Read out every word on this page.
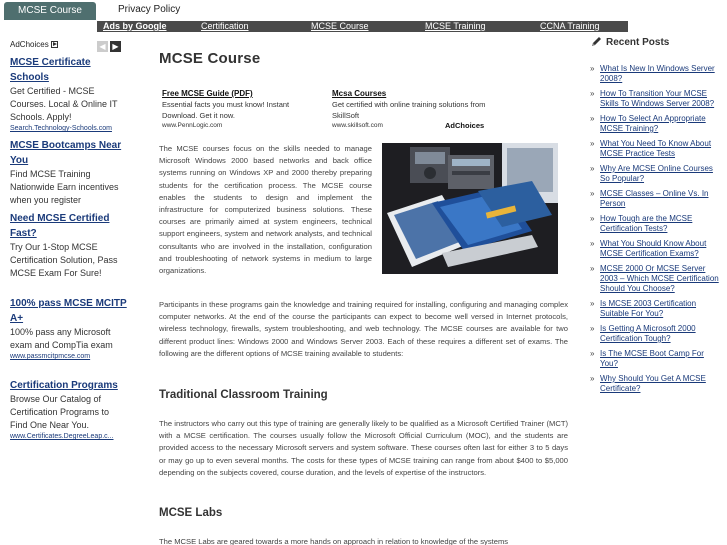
MCSE Course	Privacy Policy
Ads by Google	Certification	MCSE Course	MCSE Training	CCNA Training
AdChoices
MCSE Certificate Schools
Get Certified - MCSE Courses. Local & Online IT Schools. Apply!
Search.Technology-Schools.com
MCSE Bootcamps Near You
Find MCSE Training Nationwide Earn incentives when you register
Need MCSE Certified Fast?
Try Our 1-Stop MCSE Certification Solution, Pass MCSE Exam For Sure!
100% pass MCSE MCITP A+
100% pass any Microsoft exam and CompTia exam
www.passmcitpmcse.com
Certification Programs
Browse Our Catalog of Certification Programs to Find One Near You.
www.Certificates.DegreeLeap.c...
◀ ▶
MCSE Course
Free MCSE Guide (PDF)
Essential facts you must know! Instant Download. Get it now.
www.PennLogic.com
Mcsa Courses
Get certified with online training solutions from SkillSoft
www.skillsoft.com	AdChoices

The MCSE courses focus on the skills needed to manage Microsoft Windows 2000 based networks and back office systems running on Windows XP and 2000 thereby preparing students for the certification process. The MCSE course enables the students to design and implement the infrastructure for computerized business solutions. These courses are primarily aimed at system engineers, technical support engineers, system and network analysts, and technical consultants who are involved in the installation, configuration and troubleshooting of network systems in medium to large organizations.

Participants in these programs gain the knowledge and training required for installing, configuring and managing complex computer networks. At the end of the course the participants can expect to become well versed in Internet protocols, wireless technology, firewalls, system troubleshooting, and web technology. The MCSE courses are available for two different product lines: Windows 2000 and Windows Server 2003. Each of these requires a different set of exams. The following are the different options of MCSE training available to students:

Traditional Classroom Training

The instructors who carry out this type of training are generally likely to be qualified as a Microsoft Certified Trainer (MCT) with a MCSE certification. The courses usually follow the Microsoft Official Curriculum (MOC), and the students are provided access to the necessary Microsoft servers and system software. These courses often last for either 3 to 5 days or may go up to even several months. The costs for these types of MCSE training can range from about $400 to $5,000 depending on the subjects covered, course duration, and the levels of expertise of the instructors.

MCSE Labs

The MCSE Labs are geared towards a more hands on approach in relation to knowledge of the systems

Recent Posts
» What Is New In Windows Server 2008?
» How To Transition Your MCSE Skills To Windows Server 2008?
» How To Select An Appropriate MCSE Training?
» What You Need To Know About MCSE Practice Tests
» Why Are MCSE Online Courses So Popular?
» MCSE Classes – Online Vs. In Person
» How Tough are the MCSE Certification Tests?
» What You Should Know About MCSE Certification Exams?
» MCSE 2000 Or MCSE Server 2003 – Which MCSE Certification Should You Choose?
» Is MCSE 2003 Certification Suitable For You?
» Is Getting A Microsoft 2000 Certification Tough?
» Is The MCSE Boot Camp For You?
» Why Should You Get A MCSE Certificate?
